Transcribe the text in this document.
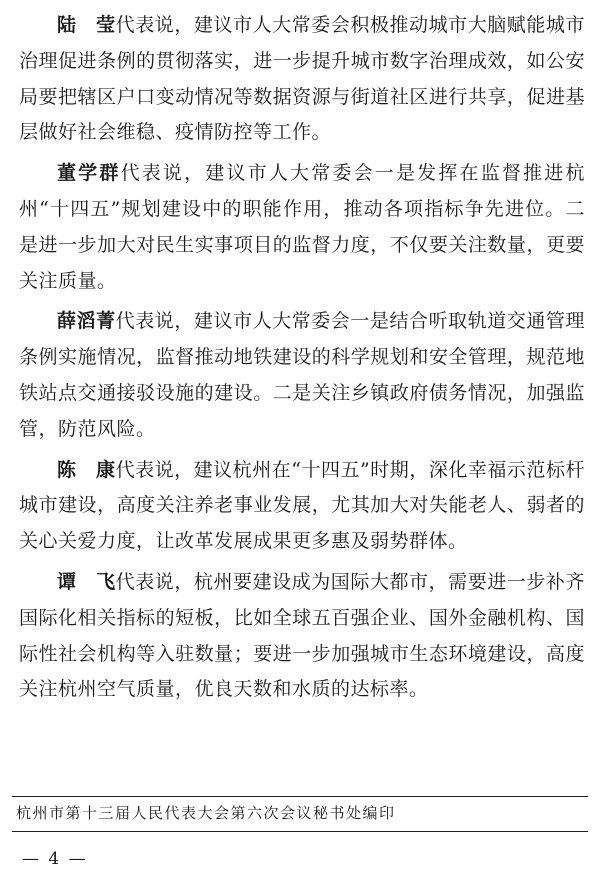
陆　莹代表说，建议市人大常委会积极推动城市大脑赋能城市治理促进条例的贯彻落实，进一步提升城市数字治理成效，如公安局要把辖区户口变动情况等数据资源与街道社区进行共享，促进基层做好社会维稳、疫情防控等工作。

董学群代表说，建议市人大常委会一是发挥在监督推进杭州“十四五”规划建设中的职能作用，推动各项指标争先进位。二是进一步加大对民生实事项目的监督力度，不仅要关注数量，更要关注质量。

薛滔菁代表说，建议市人大常委会一是结合听取轨道交通管理条例实施情况，监督推动地铁建设的科学规划和安全管理，规范地铁站点交通接驳设施的建设。二是关注乡镇政府债务情况，加强监管，防范风险。

陈　康代表说，建议杭州在“十四五”时期，深化幸福示范标杆城市建设，高度关注养老事业发展，尤其加大对失能老人、弱者的关心关爱力度，让改革发展成果更多惠及弱势群体。

谭　飞代表说，杭州要建设成为国际大都市，需要进一步补齐国际化相关指标的短板，比如全球五百强企业、国外金融机构、国际性社会机构等入驻数量；要进一步加强城市生态环境建设，高度关注杭州空气质量，优良天数和水质的达标率。

杭州市第十三届人民代表大会第六次会议秘书处编印
— 4 —
